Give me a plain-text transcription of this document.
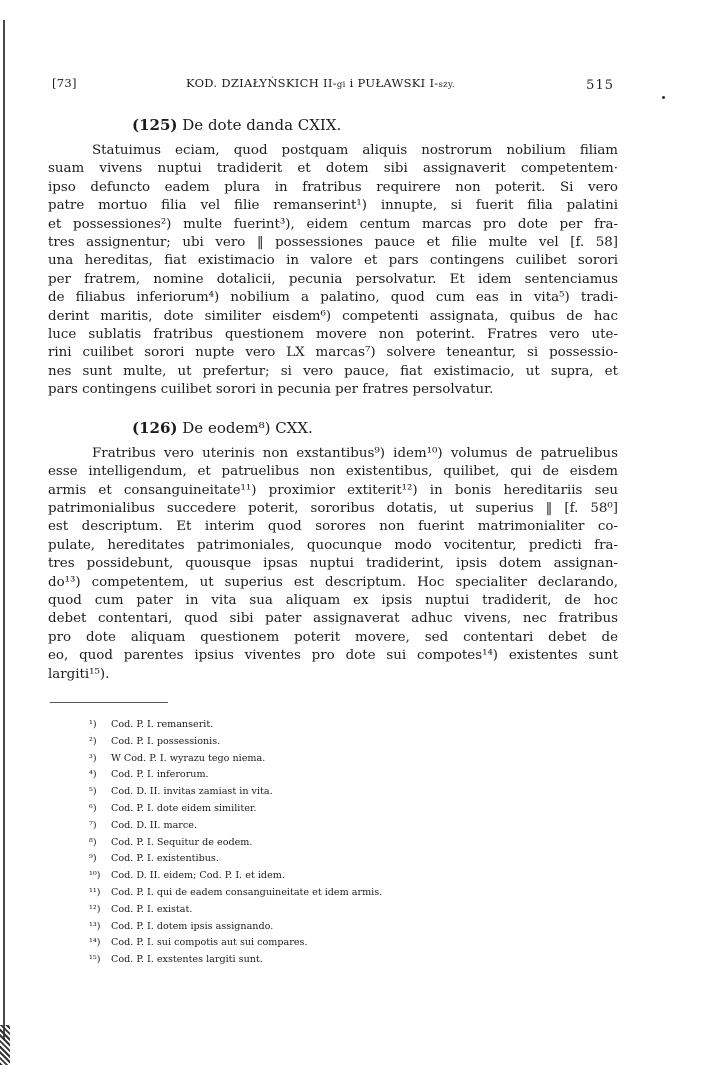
[73]	KOD. DZIAŁYŃSKICH II-gi i PUŁAWSKI I-szy.	515
(125) De dote danda CXIX.
Statuimus eciam, quod postquam aliquis nostrorum nobilium filiam
suam vivens nuptui tradiderit et dotem sibi assignaverit competentem·
ipso defuncto eadem plura in fratribus requirere non poterit. Si vero
patre mortuo filia vel filie remanserint¹) innupte, si fuerit filia palatini
et possessiones²) multe fuerint³), eidem centum marcas pro dote per fra-
tres assignentur; ubi vero ‖ possessiones pauce et filie multe vel [f. 58]
una hereditas, fiat existimacio in valore et pars contingens cuilibet sorori
per fratrem, nomine dotalicii, pecunia persolvatur. Et idem sentenciamus
de filiabus inferiorum⁴) nobilium a palatino, quod cum eas in vita⁵) tradi-
derint maritis, dote similiter eisdem⁶) competenti assignata, quibus de hac
luce sublatis fratribus questionem movere non poterint. Fratres vero ute-
rini cuilibet sorori nupte vero LX marcas⁷) solvere teneantur, si possessio-
nes sunt multe, ut prefertur; si vero pauce, fiat existimacio, ut supra, et
pars contingens cuilibet sorori in pecunia per fratres persolvatur.
(126) De eodem⁸) CXX.
Fratribus vero uterinis non exstantibus⁹) idem¹⁰) volumus de patruelibus
esse intelligendum, et patruelibus non existentibus, quilibet, qui de eisdem
armis et consanguineitate¹¹) proximior extiterit¹²) in bonis hereditariis seu
patrimonialibus succedere poterit, sororibus dotatis, ut superius ‖ [f. 58⁰]
est descriptum. Et interim quod sorores non fuerint matrimonialiter co-
pulate, hereditates patrimoniales, quocunque modo vocitentur, predicti fra-
tres possidebunt, quousque ipsas nuptui tradiderint, ipsis dotem assignan-
do¹³) competentem, ut superius est descriptum. Hoc specialiter declarando,
quod cum pater in vita sua aliquam ex ipsis nuptui tradiderit, de hoc
debet contentari, quod sibi pater assignaverat adhuc vivens, nec fratribus
pro dote aliquam questionem poterit movere, sed contentari debet de
eo, quod parentes ipsius viventes pro dote sui compotes¹⁴) existentes sunt
largiti¹⁵).
¹) Cod. P. I. remanserit.
²) Cod. P. I. possessionis.
³) W Cod. P. I. wyrazu tego niema.
⁴) Cod. P. I. inferorum.
⁵) Cod. D. II. invitas zamiast in vita.
⁶) Cod. P. I. dote eidem similiter.
⁷) Cod. D. II. marce.
⁸) Cod. P. I. Sequitur de eodem.
⁹) Cod. P. I. existentibus.
¹⁰) Cod. D. II. eidem; Cod. P. I. et idem.
¹¹) Cod. P. I. qui de eadem consanguineitate et idem armis.
¹²) Cod. P. I. existat.
¹³) Cod. P. I. dotem ipsis assignando.
¹⁴) Cod. P. I. sui compotis aut sui compares.
¹⁵) Cod. P. I. exstentes largiti sunt.
